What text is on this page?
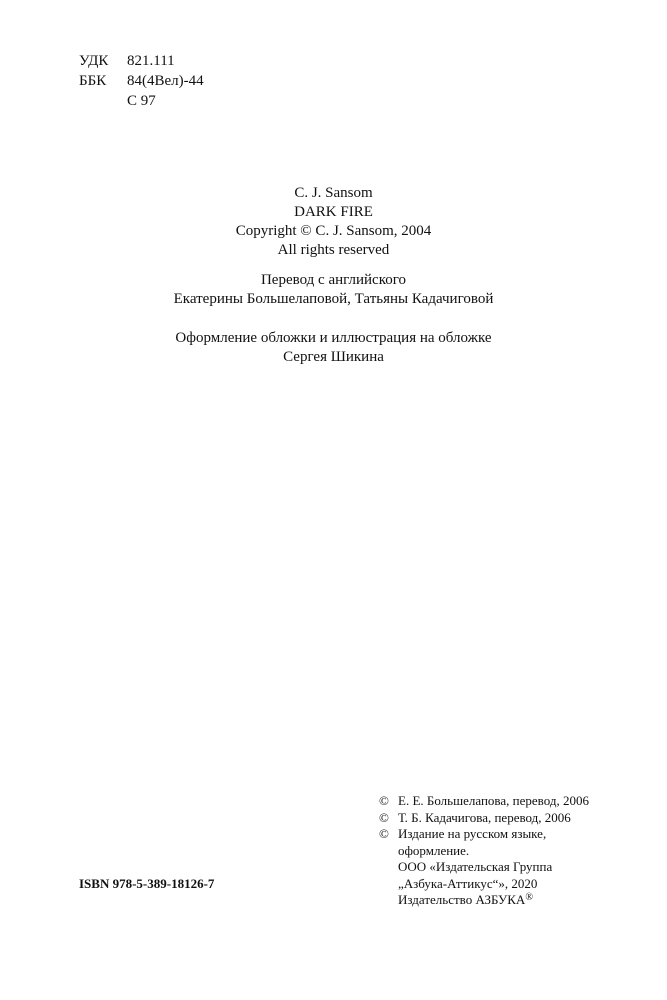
УДК 821.111
ББК 84(4Вел)-44
С 97
C. J. Sansom
DARK FIRE
Copyright © C. J. Sansom, 2004
All rights reserved
Перевод с английского
Екатерины Большелаповой, Татьяны Кадачиговой
Оформление обложки и иллюстрация на обложке
Сергея Шикина
© Е. Е. Большелапова, перевод, 2006
© Т. Б. Кадачигова, перевод, 2006
© Издание на русском языке,
оформление.
ООО «Издательская Группа
„Азбука-Аттикус“», 2020
Издательство АЗБУКА®
ISBN 978-5-389-18126-7
